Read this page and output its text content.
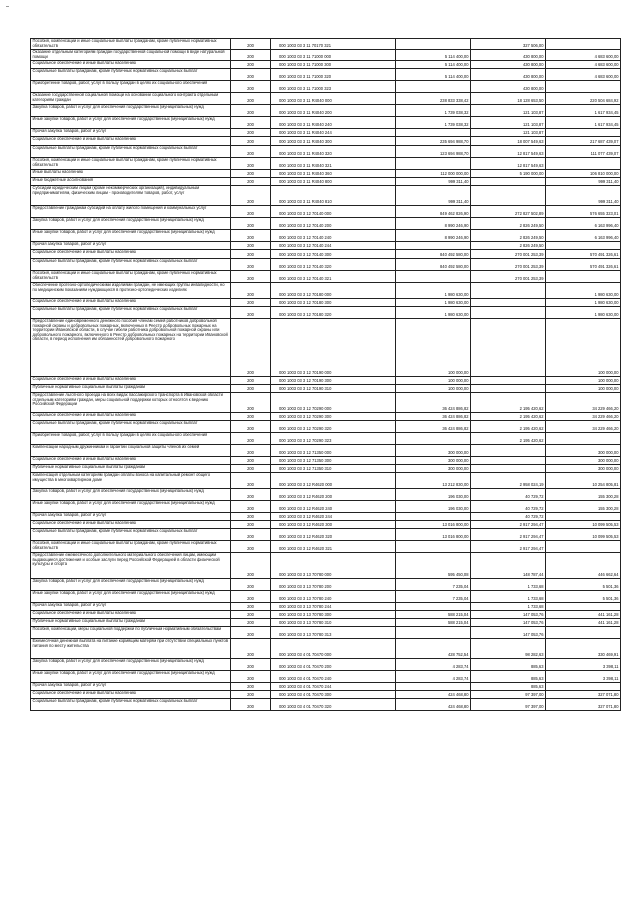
Пособия, компенсации и иные социальные выплаты гражданам, кроме публичных нормативных обязательств	200	000 1003 03 3 11 70170 321		327 506,00	
Оказание отдельным категориям граждан государственной социальной помощи в виде натуральной помощи	200	000 1003 03 3 11 71000 000	5 114 400,00	430 800,00	4 683 600,00
Социальное обеспечение и иные выплаты населению	200	000 1003 03 3 11 71000 300	5 114 400,00	430 800,00	4 683 600,00
Социальные выплаты гражданам, кроме публичных нормативных социальных выплат	200	000 1003 03 3 11 71000 320	5 114 400,00	430 800,00	4 683 600,00
Приобретение товаров, работ, услуг в пользу граждан в целях их социального обеспечения	200	000 1003 03 3 11 71000 323		430 800,00	
Оказание государственной социальной помощи на основании социального контракта отдельным категориям граждан	200	000 1003 03 3 11 R4040 000	238 833 338,42	18 128 653,50	220 504 684,92
Закупка товаров, работ и услуг для обеспечения государственных (муниципальных) нужд	200	000 1003 03 3 11 R4040 200	1 739 038,32	121 103,87	1 617 934,45
Иные закупки товаров, работ и услуг для обеспечения государственных (муниципальных) нужд	200	000 1003 03 3 11 R4040 240	1 739 038,32	121 103,87	1 617 934,45
Прочая закупка товаров, работ и услуг	200	000 1003 03 3 11 R4040 244		121 103,87	
Социальное обеспечение и иные выплаты населению	200	000 1003 03 3 11 R4040 300	235 694 988,70	18 007 549,63	217 687 439,07
Социальные выплаты гражданам, кроме публичных нормативных социальных выплат	200	000 1003 03 3 11 R4040 320	123 694 988,70	12 817 549,63	111 077 439,07
Пособия, компенсации и иные социальные выплаты гражданам, кроме публичных нормативных обязательств	200	000 1003 03 3 11 R4040 321		12 817 549,63	
Иные выплаты населению	200	000 1003 03 3 11 R4040 360	112 000 000,00	5 190 000,00	106 810 000,00
Иные бюджетные ассигнования	200	000 1003 03 3 11 R4040 800	999 311,40		999 311,40
Субсидии юридическим лицам (кроме некоммерческих организаций), индивидуальным предпринимателям, физическим лицам - производителям товаров, работ, услуг	200	000 1003 03 3 11 R4040 810	999 311,40		999 311,40
Предоставление гражданам субсидий на оплату жилого помещения и коммунальных услуг	200	000 1003 03 3 12 70140 000	849 462 826,90	272 827 502,89	576 655 323,01
Закупка товаров, работ и услуг для обеспечения государственных (муниципальных) нужд	200	000 1003 03 3 12 70140 200	8 990 246,90	2 826 249,50	6 163 996,40
Иные закупки товаров, работ и услуг для обеспечения государственных (муниципальных) нужд	200	000 1003 03 3 12 70140 240	8 990 246,90	2 826 249,50	6 163 996,40
Прочая закупка товаров, работ и услуг	200	000 1003 03 3 12 70140 244		2 826 249,50	
Социальное обеспечение и иные выплаты населению	200	000 1003 03 3 12 70140 300	840 492 580,00	270 001 253,39	570 491 326,61
Социальные выплаты гражданам, кроме публичных нормативных социальных выплат	200	000 1003 03 3 12 70140 320	840 492 580,00	270 001 253,39	570 491 326,61
Пособия, компенсации и иные социальные выплаты гражданам, кроме публичных нормативных обязательств	200	000 1003 03 3 12 70140 321		270 001 253,39	
Обеспечение протезно-ортопедическими изделиями граждан, не имеющих группы инвалидности, но по медицинским показаниям нуждающихся в протезно-ортопедических изделиях	200	000 1003 03 3 12 70180 000	1 980 630,00		1 980 630,00
Социальное обеспечение и иные выплаты населению	200	000 1003 03 3 12 70180 300	1 980 630,00		1 980 630,00
Социальные выплаты гражданам, кроме публичных нормативных социальных выплат	200	000 1003 03 3 12 70180 320	1 980 630,00		1 980 630,00
Предоставление единовременного денежного пособия членам семей работников добровольной пожарной охраны и добровольных пожарных, включенных в Реестр добровольных пожарных на территории Ивановской области, в случае гибели работника добровольной пожарной охраны или добровольного пожарного, включенного в Реестр добровольных пожарных на территории Ивановской области, в период исполнения им обязанностей добровольного пожарного	200	000 1003 03 3 12 70190 000	100 000,00		100 000,00
Социальное обеспечение и иные выплаты населению	200	000 1003 03 3 12 70190 300	100 000,00		100 000,00
Публичные нормативные социальные выплаты гражданам	200	000 1003 03 3 12 70190 310	100 000,00		100 000,00
Предоставление льготного проезда на всех видах пассажирского транспорта в Ивановской области отдельным категориям граждан, меры социальной поддержки которых относятся к ведению Российской Федерации	200	000 1003 03 3 12 70290 000	36 424 886,82	2 195 420,62	34 229 466,20
Социальное обеспечение и иные выплаты населению	200	000 1003 03 3 12 70290 300	36 424 886,82	2 195 420,62	34 229 466,20
Социальные выплаты гражданам, кроме публичных нормативных социальных выплат	200	000 1003 03 3 12 70290 320	36 424 886,82	2 195 420,62	34 229 466,20
Приобретение товаров, работ, услуг в пользу граждан в целях их социального обеспечения	200	000 1003 03 3 12 70290 323		2 195 420,62	
Компенсации народным дружинникам и гарантии социальной защиты членов их семей	200	000 1003 03 3 12 71350 000	300 000,00		300 000,00
Социальное обеспечение и иные выплаты населению	200	000 1003 03 3 12 71350 300	300 000,00		300 000,00
Публичные нормативные социальные выплаты гражданам	200	000 1003 03 3 12 71350 310	300 000,00		300 000,00
Компенсация отдельным категориям граждан оплаты взноса на капитальный ремонт общего имущества в многоквартирном доме	200	000 1003 03 3 12 R4620 000	13 212 830,00	2 958 024,19	10 254 805,81
Закупка товаров, работ и услуг для обеспечения государственных (муниципальных) нужд	200	000 1003 03 3 12 R4620 200	196 030,00	40 729,72	155 300,28
Иные закупки товаров, работ и услуг для обеспечения государственных (муниципальных) нужд	200	000 1003 03 3 12 R4620 240	196 030,00	40 729,72	155 300,28
Прочая закупка товаров, работ и услуг	200	000 1003 03 3 12 R4620 244		40 729,72	
Социальное обеспечение и иные выплаты населению	200	000 1003 03 3 12 R4620 300	13 016 800,00	2 917 294,47	10 099 505,53
Социальные выплаты гражданам, кроме публичных нормативных социальных выплат	200	000 1003 03 3 12 R4620 320	13 016 800,00	2 917 294,47	10 099 505,53
Пособия, компенсации и иные социальные выплаты гражданам, кроме публичных нормативных обязательств	200	000 1003 03 3 12 R4620 321		2 917 294,47	
Предоставление ежемесячного дополнительного материального обеспечения лицам, имеющим выдающиеся достижения и особые заслуги перед Российской Федерацией в области физической культуры и спорта	200	000 1003 03 3 13 70780 000	595 450,08	148 787,44	446 662,64
Закупка товаров, работ и услуг для обеспечения государственных (муниципальных) нужд	200	000 1003 03 3 13 70780 200	7 235,04	1 733,68	5 501,36
Иные закупки товаров, работ и услуг для обеспечения государственных (муниципальных) нужд	200	000 1003 03 3 13 70780 240	7 235,04	1 733,68	5 501,36
Прочая закупка товаров, работ и услуг	200	000 1003 03 3 13 70780 244		1 733,68	
Социальное обеспечение и иные выплаты населению	200	000 1003 03 3 13 70780 300	588 215,04	147 053,76	441 161,28
Публичные нормативные социальные выплаты гражданам	200	000 1003 03 3 13 70780 310	588 215,04	147 053,76	441 161,28
Пособия, компенсации, меры социальной поддержки по публичным нормативным обязательствам	200	000 1003 03 3 13 70780 313		147 053,76	
Ежемесячная денежная выплата на питание кормящим матерям при отсутствии специальных пунктов питания по месту жительства	200	000 1003 03 4 01 70470 000	428 752,54	98 282,63	330 469,91
Закупка товаров, работ и услуг для обеспечения государственных (муниципальных) нужд	200	000 1003 03 4 01 70470 200	4 283,74	885,63	3 398,11
Иные закупки товаров, работ и услуг для обеспечения государственных (муниципальных) нужд	200	000 1003 03 4 01 70470 240	4 283,74	885,63	3 398,11
Прочая закупка товаров, работ и услуг	200	000 1003 03 4 01 70470 244		885,63	
Социальное обеспечение и иные выплаты населению	200	000 1003 03 4 01 70470 300	424 468,80	97 397,00	327 071,80
Социальные выплаты гражданам, кроме публичных нормативных социальных выплат	200	000 1003 03 4 01 70470 320	424 468,80	97 397,00	327 071,80
